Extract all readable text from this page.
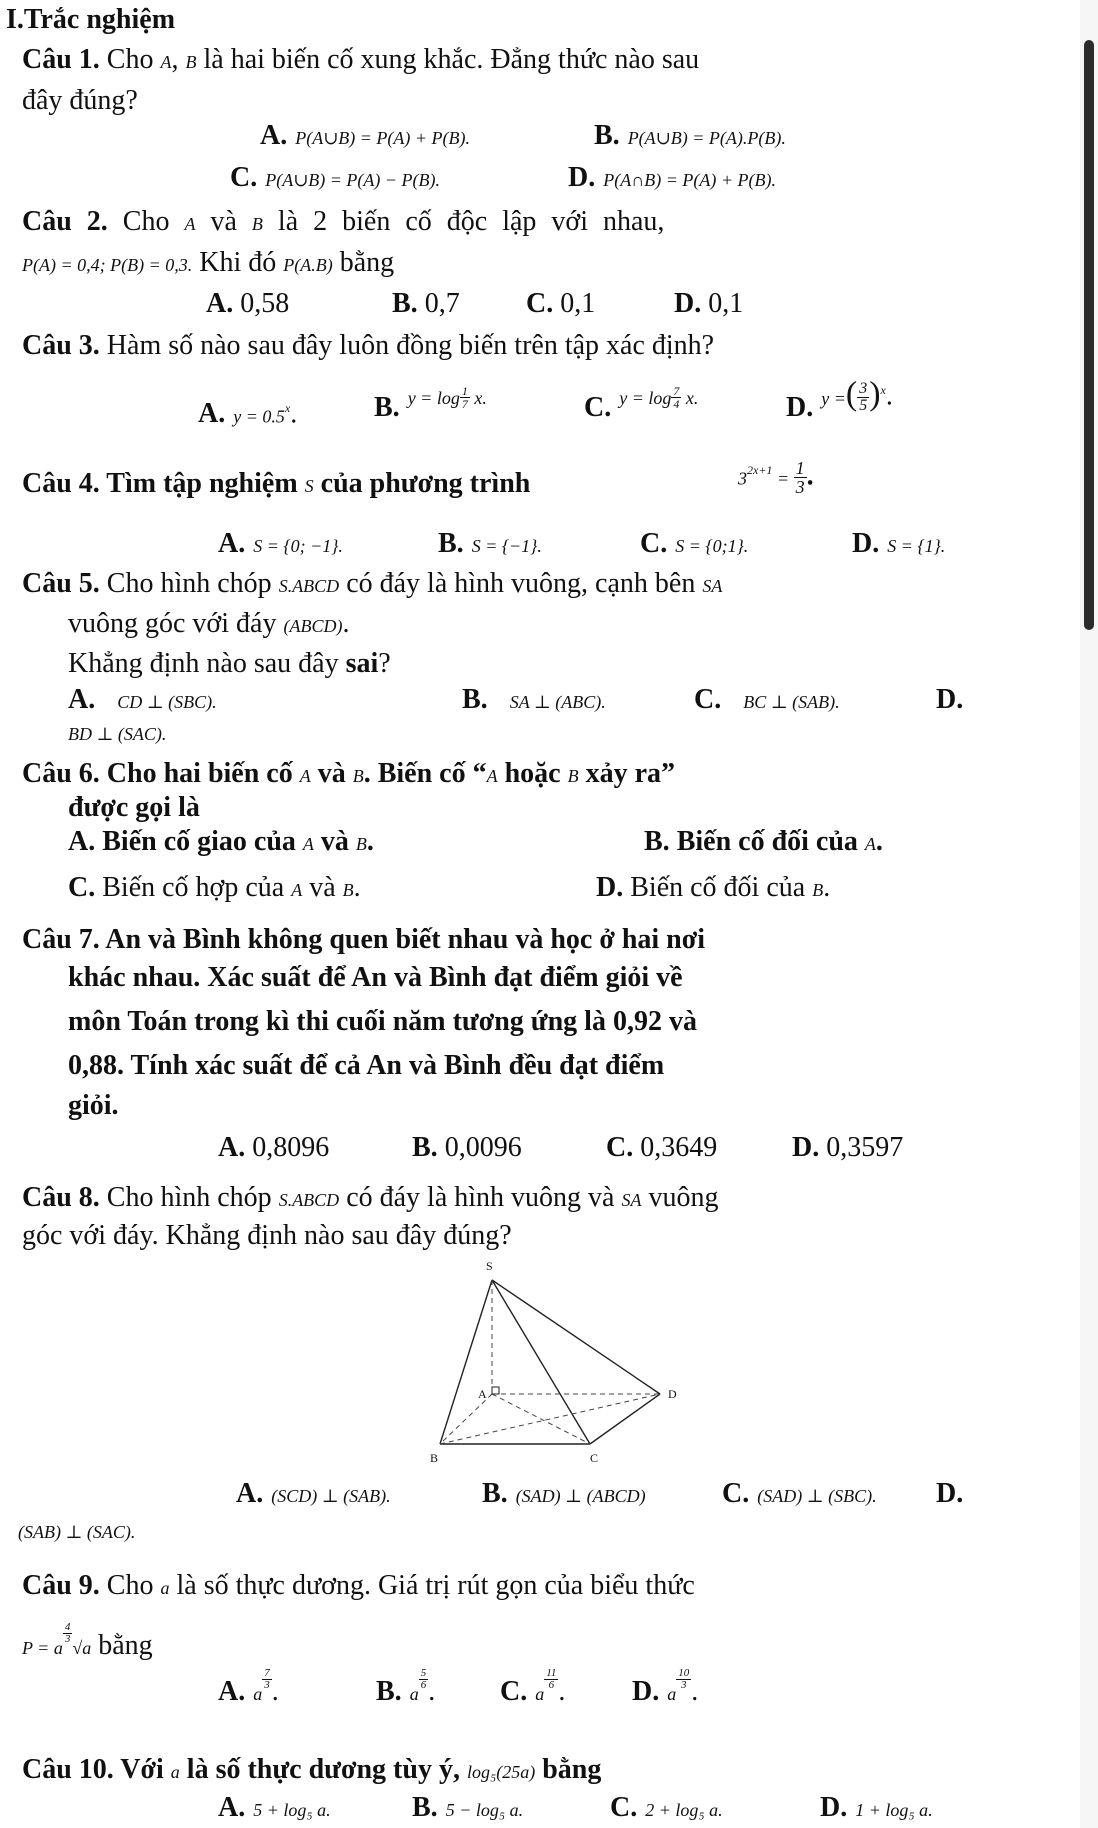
I.Trắc nghiệm
Câu 1. Cho A, B là hai biến cố xung khắc. Đẳng thức nào sau
đây đúng?
A. P(A∪B) = P(A) + P(B).	B. P(A∪B) = P(A).P(B).
C. P(A∪B) = P(A) − P(B).	D. P(A∩B) = P(A) + P(B).
Câu 2. Cho A và B là 2 biến cố độc lập với nhau,
P(A) = 0,4; P(B) = 0,3. Khi đó P(A.B) bằng
A. 0,58	B. 0,7 C. 0,1	D. 0,1
Câu 3. Hàm số nào sau đây luôn đồng biến trên tập xác định?
A. $y = 0.5^x$.	B. $y = \log \frac{1}{7} x$.	C. $y = \log \frac{7}{4} x$.	D. y =( $\frac{3}{5} )^x$.
Câu 4. Tìm tập nghiệm S của phương trình	$3^{2x+1} = \frac{1}{3}$ .
A. S = {0; −1}.	B. S = {−1}.	C. S = {0;1}.	D. S = {1}.
Câu 5. Cho hình chóp S.ABCD có đáy là hình vuông, cạnh bên SA
vuông góc với đáy (ABCD).
Khẳng định nào sau đây sai?
A. CD ⊥ (SBC).	B. SA ⊥ (ABC).	C. BC ⊥ (SAB).	D.
BD ⊥ (SAC).
Câu 6. Cho hai biến cố A và B. Biến cố “A hoặc B xảy ra”
được gọi là
A. Biến cố giao của A và B.	B. Biến cố đối của A.
C. Biến cố hợp của A và B.	D. Biến cố đối của B.
Câu 7. An và Bình không quen biết nhau và học ở hai nơi
khác nhau. Xác suất để An và Bình đạt điểm giỏi về
môn Toán trong kì thi cuối năm tương ứng là 0,92 và
0,88. Tính xác suất để cả An và Bình đều đạt điểm
giỏi.
A. 0,8096	B. 0,0096	C. 0,3649	D. 0,3597
Câu 8. Cho hình chóp S.ABCD có đáy là hình vuông và SA vuông
góc với đáy. Khẳng định nào sau đây đúng?
S
A
B	C
D
A. (SCD) ⊥ (SAB).	B. (SAD) ⊥ (ABCD)	C. (SAD) ⊥ (SBC). D.
(SAB) ⊥ (SAC).
Câu 9. Cho a là số thực dương. Giá trị rút gọn của biểu thức
P = a
$\frac{4}{3}$
√a bằng
A. a
$\frac{7}{3}$ .	B. a
$\frac{5}{6}$ . C. a
$\frac{11}{6}$ . D. a
$\frac{10}{3}$ .
Câu 10. Với a là số thực dương tùy ý, log₅(25a) bằng
A. 5 + log₅ a.	B. 5 − log₅ a.	C. 2 + log₅ a.	D. 1 + log₅ a.
